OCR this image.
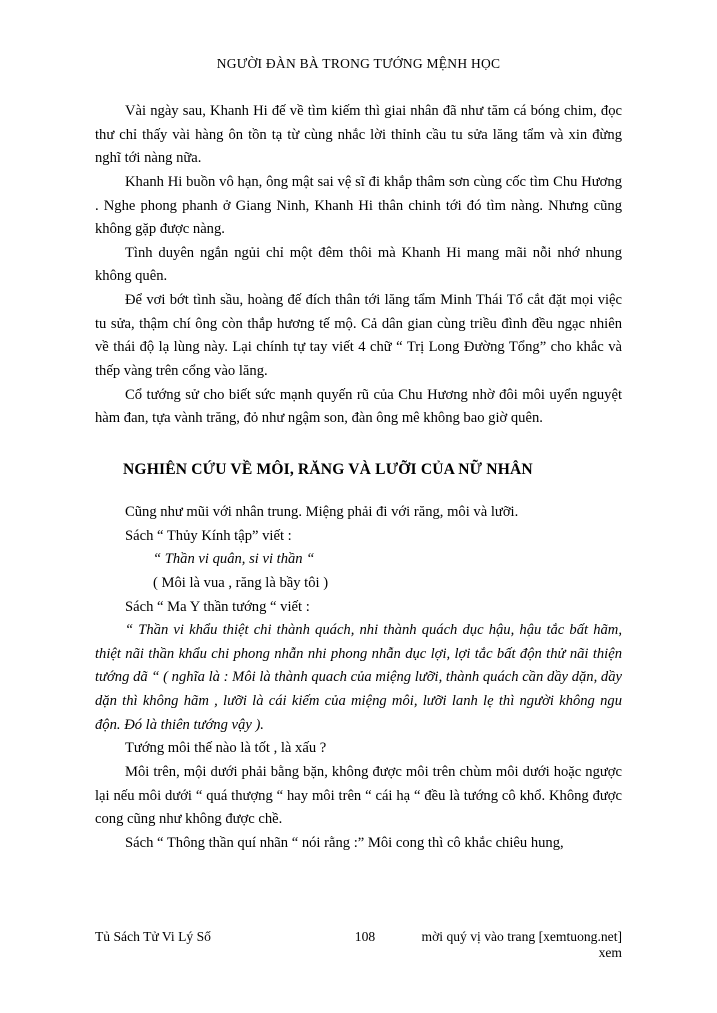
NGƯỜI ĐÀN BÀ TRONG TƯỚNG MỆNH HỌC

Vài ngày sau, Khanh Hi đế về tìm kiếm thì giai nhân đã như tăm cá bóng chim, đọc thư chỉ thấy vài hàng ôn tồn tạ từ cùng nhắc lời thỉnh cầu tu sửa lăng tẩm và xin đừng nghĩ tới nàng nữa.

Khanh Hi buồn vô hạn, ông mật sai vệ sĩ đi khắp thâm sơn cùng cốc tìm Chu Hương . Nghe phong phanh ở Giang Ninh, Khanh Hi thân chinh tới đó tìm nàng. Nhưng cũng không gặp được nàng.

Tình duyên ngắn ngủi chỉ một đêm thôi mà Khanh Hi mang mãi nỗi nhớ nhung không quên.

Để vơi bớt tình sầu, hoàng đế đích thân tới lăng tẩm Minh Thái Tổ cắt đặt mọi việc tu sửa, thậm chí ông còn thắp hương tế mộ. Cả dân gian cùng triều đình đều ngạc nhiên về thái độ lạ lùng này. Lại chính tự tay viết 4 chữ “ Trị Long Đường Tổng” cho khắc và thếp vàng trên cổng vào lăng.

Cổ tướng sử cho biết sức mạnh quyến rũ của Chu Hương nhờ đôi môi uyển nguyệt hàm đan, tựa vành trăng, đỏ như ngậm son, đàn ông mê không bao giờ quên.

NGHIÊN CỨU VỀ MÔI, RĂNG VÀ LƯỠI CỦA NỮ NHÂN

Cũng như mũi với nhân trung. Miệng phải đi với răng, môi và lưỡi.

Sách “ Thủy Kính tập” viết :

“ Thần vi quân, si vi thần “

( Môi là vua , răng là bầy tôi )

Sách “ Ma Y thần tướng “ viết :

“ Thần vi khẩu thiệt chi thành quách, nhi thành quách dục hậu, hậu tắc bất hãm, thiệt nãi thần khẩu chi phong nhẫn nhi phong nhẫn dục lợi, lợi tắc bất độn thử nãi thiện tướng dã “ ( nghĩa là : Môi là thành quach của miệng lưỡi, thành quách cần dầy dặn, dầy dặn thì không hãm , lưỡi là cái kiếm của miệng môi, lưỡi lanh lẹ thì người không ngu độn. Đó là thiên tướng vậy ).

Tướng môi thế nào là tốt , là xấu ?

Môi trên, mội dưới phải bằng bặn, không được môi trên chùm môi dưới hoặc ngược lại nếu môi dưới “ quá thượng “ hay môi trên “ cái hạ “ đều là tướng cô khổ. Không được cong cũng như không được chề.

Sách “ Thông thần quí nhãn “ nói rằng :” Môi cong thì cô khắc chiêu hung,

Tủ Sách Tử Vi Lý Số	108	mời quý vị vào trang [xemtuong.net] xem
